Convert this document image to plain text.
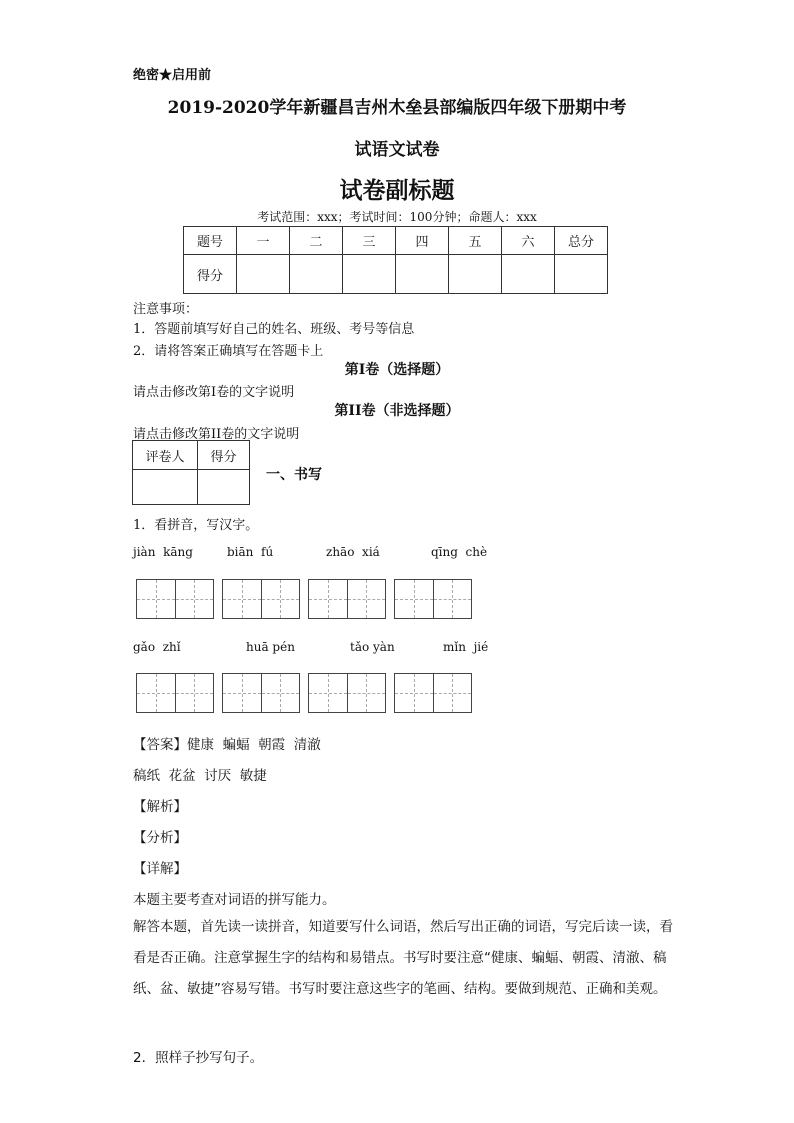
绝密★启用前
2019-2020学年新疆昌吉州木垒县部编版四年级下册期中考
试语文试卷
试卷副标题
考试范围：xxx；考试时间：100分钟；命题人：xxx
题号	一	二	三	四	五	六	总分
得分							
注意事项：
1．答题前填写好自己的姓名、班级、考号等信息
2．请将答案正确填写在答题卡上
第I卷（选择题）
请点击修改第I卷的文字说明
第II卷（非选择题）
请点击修改第II卷的文字说明
评卷人	得分

一、书写
1．看拼音，写汉字。
jiàn  kāng	biān  fú	zhāo  xiá	qīng  chè
gǎo  zhǐ	huā pén	tǎo yàn	mǐn  jié
【答案】健康  蝙蝠  朝霞  清澈
稿纸  花盆  讨厌  敏捷
【解析】
【分析】
【详解】
本题主要考查对词语的拼写能力。
解答本题，首先读一读拼音，知道要写什么词语，然后写出正确的词语，写完后读一读，看看是否正确。注意掌握生字的结构和易错点。书写时要注意“健康、蝙蝠、朝霞、清澈、稿纸、盆、敏捷”容易写错。书写时要注意这些字的笔画、结构。要做到规范、正确和美观。
2．照样子抄写句子。
